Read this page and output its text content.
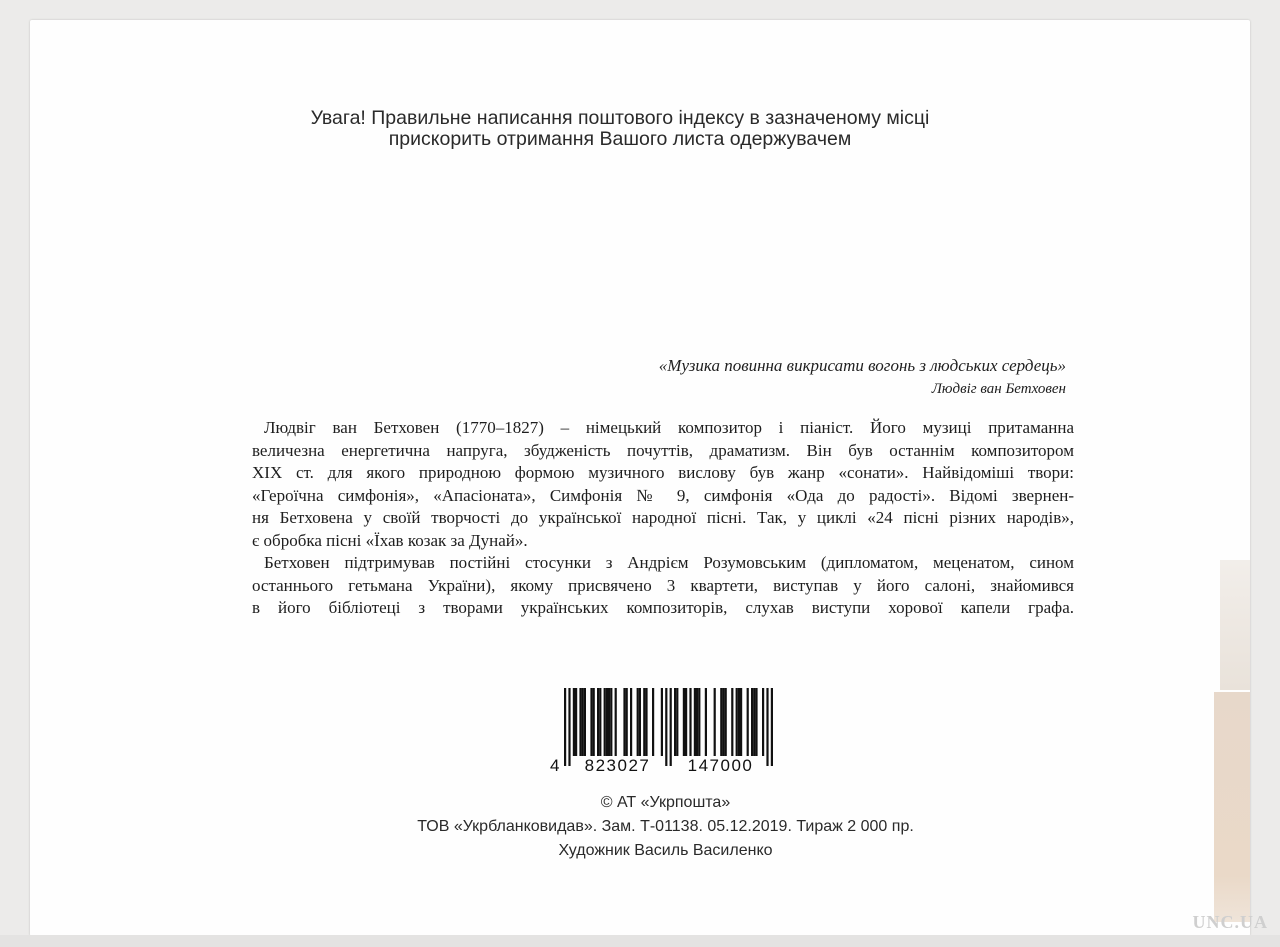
Увага! Правильне написання поштового індексу в зазначеному місці
прискорить отримання Вашого листа одержувачем
«Музика повинна викрисати вогонь з людських сердець»
Людвіг ван Бетховен
Людвіг ван Бетховен (1770–1827) – німецький композитор і піаніст. Його музиці притаманна
величезна енергетична напруга, збудженість почуттів, драматизм. Він був останнім композитором
XIX ст. для якого природною формою музичного вислову був жанр «сонати». Найвідоміші твори:
«Героїчна симфонія», «Апасіоната», Симфонія № 9, симфонія «Ода до радості». Відомі звернен-
ня Бетховена у своїй творчості до української народної пісні. Так, у циклі «24 пісні різних народів»,
є обробка пісні «Їхав козак за Дунай».
Бетховен підтримував постійні стосунки з Андрієм Розумовським (дипломатом, меценатом, сином
останнього гетьмана України), якому присвячено 3 квартети, виступав у його салоні, знайомився
в його бібліотеці з творами українських композиторів, слухав виступи хорової капели графа.
4 823027 147000
© АТ «Укрпошта»
ТОВ «Укрбланковидав». Зам. Т-01138. 05.12.2019. Тираж 2 000 пр.
Художник Василь Василенко
UNC.UA
